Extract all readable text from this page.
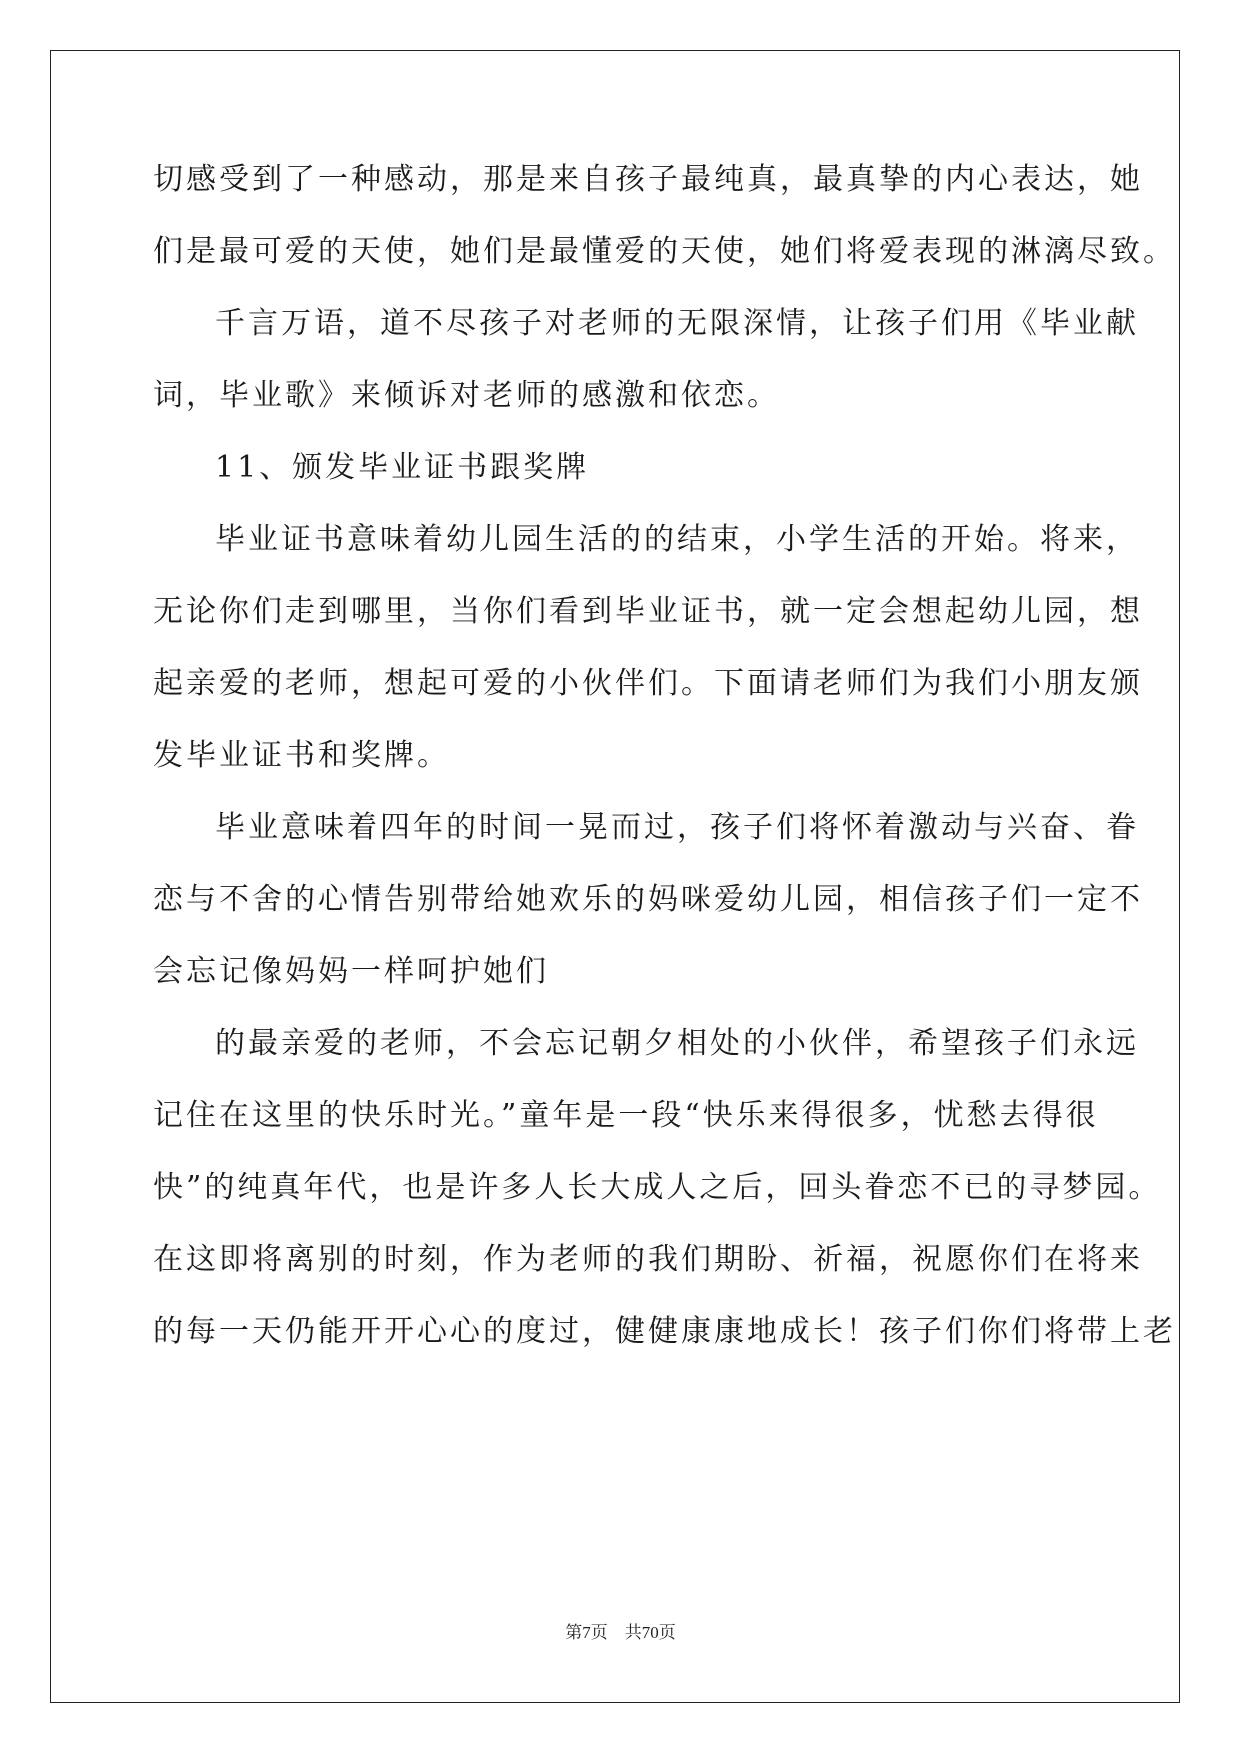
切感受到了一种感动，那是来自孩子最纯真，最真挚的内心表达，她
们是最可爱的天使，她们是最懂爱的天使，她们将爱表现的淋漓尽致。
千言万语，道不尽孩子对老师的无限深情，让孩子们用《毕业献
词，毕业歌》来倾诉对老师的感激和依恋。
11、颁发毕业证书跟奖牌
毕业证书意味着幼儿园生活的的结束，小学生活的开始。将来，
无论你们走到哪里，当你们看到毕业证书，就一定会想起幼儿园，想
起亲爱的老师，想起可爱的小伙伴们。下面请老师们为我们小朋友颁
发毕业证书和奖牌。
毕业意味着四年的时间一晃而过，孩子们将怀着激动与兴奋、眷
恋与不舍的心情告别带给她欢乐的妈咪爱幼儿园，相信孩子们一定不
会忘记像妈妈一样呵护她们
的最亲爱的老师，不会忘记朝夕相处的小伙伴，希望孩子们永远
记住在这里的快乐时光。”童年是一段“快乐来得很多，忧愁去得很
快”的纯真年代，也是许多人长大成人之后，回头眷恋不已的寻梦园。
在这即将离别的时刻，作为老师的我们期盼、祈福，祝愿你们在将来
的每一天仍能开开心心的度过，健健康康地成长！孩子们你们将带上老
第7页　共70页
